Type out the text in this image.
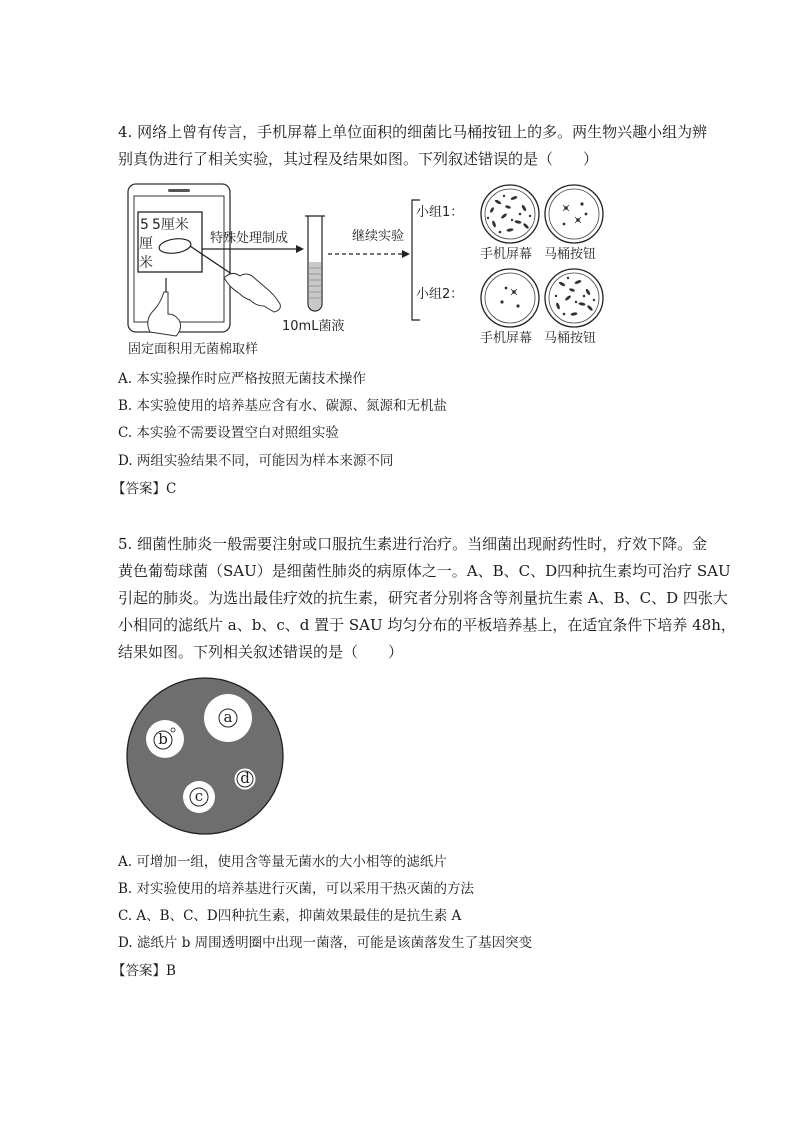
4. 网络上曾有传言，手机屏幕上单位面积的细菌比马桶按钮上的多。两生物兴趣小组为辨
别真伪进行了相关实验，其过程及结果如图。下列叙述错误的是（　　）
5 5厘米
厘
米
特殊处理制成
10mL菌液
继续实验
小组1：
小组2：
手机屏幕 马桶按钮
手机屏幕 马桶按钮
固定面积用无菌棉取样
A. 本实验操作时应严格按照无菌技术操作
B. 本实验使用的培养基应含有水、碳源、氮源和无机盐
C. 本实验不需要设置空白对照组实验
D. 两组实验结果不同，可能因为样本来源不同
【答案】C
5. 细菌性肺炎一般需要注射或口服抗生素进行治疗。当细菌出现耐药性时，疗效下降。金
黄色葡萄球菌（SAU）是细菌性肺炎的病原体之一。A、B、C、D四种抗生素均可治疗 SAU
引起的肺炎。为选出最佳疗效的抗生素，研究者分别将含等剂量抗生素 A、B、C、D 四张大
小相同的滤纸片 a、b、c、d 置于 SAU 均匀分布的平板培养基上，在适宜条件下培养 48h，
结果如图。下列相关叙述错误的是（　　）
a
b
c
d
A. 可增加一组，使用含等量无菌水的大小相等的滤纸片
B. 对实验使用的培养基进行灭菌，可以采用干热灭菌的方法
C. A、B、C、D四种抗生素，抑菌效果最佳的是抗生素 A
D. 滤纸片 b 周围透明圈中出现一菌落，可能是该菌落发生了基因突变
【答案】B
